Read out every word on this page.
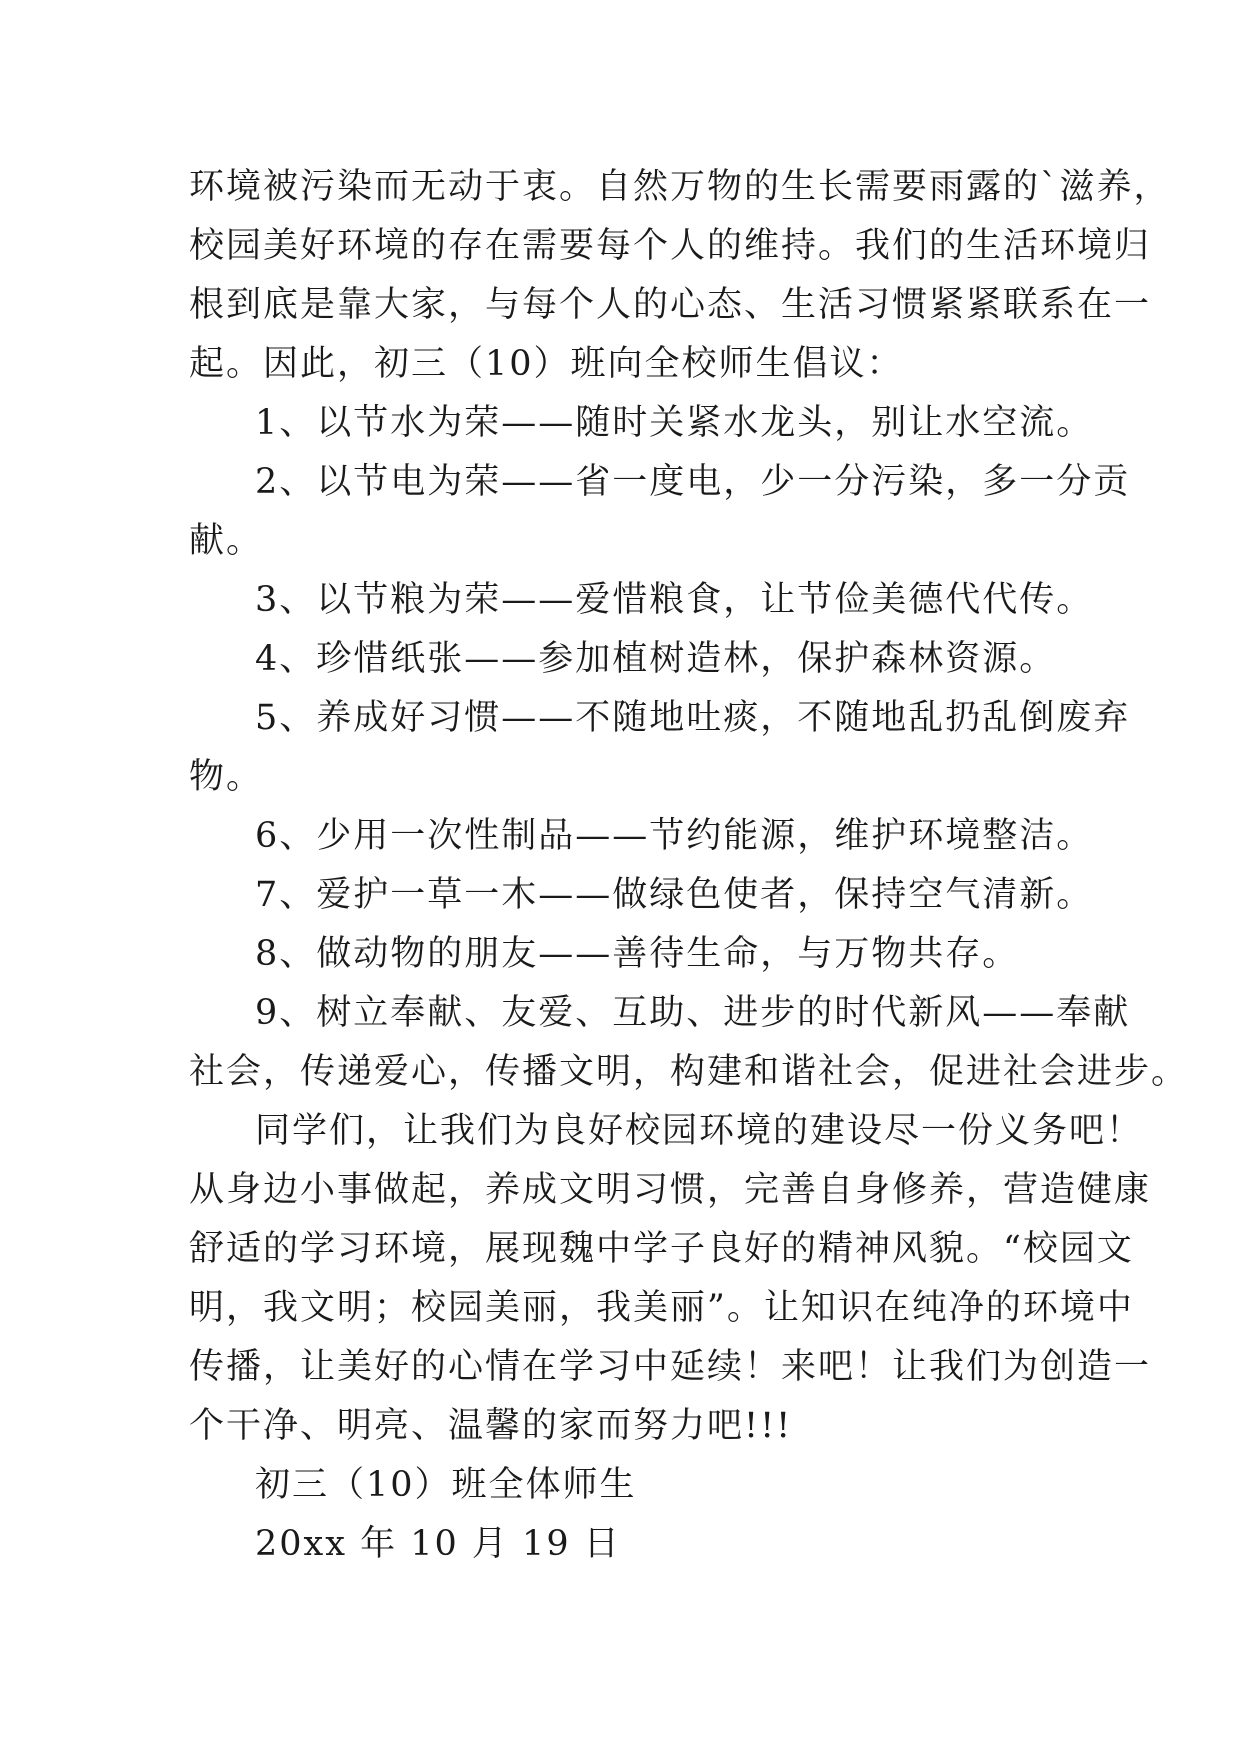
环境被污染而无动于衷。自然万物的生长需要雨露的`滋养，
校园美好环境的存在需要每个人的维持。我们的生活环境归
根到底是靠大家，与每个人的心态、生活习惯紧紧联系在一
起。因此，初三（10）班向全校师生倡议：
1、以节水为荣——随时关紧水龙头，别让水空流。
2、以节电为荣——省一度电，少一分污染，多一分贡
献。
3、以节粮为荣——爱惜粮食，让节俭美德代代传。
4、珍惜纸张——参加植树造林，保护森林资源。
5、养成好习惯——不随地吐痰，不随地乱扔乱倒废弃
物。
6、少用一次性制品——节约能源，维护环境整洁。
7、爱护一草一木——做绿色使者，保持空气清新。
8、做动物的朋友——善待生命，与万物共存。
9、树立奉献、友爱、互助、进步的时代新风——奉献
社会，传递爱心，传播文明，构建和谐社会，促进社会进步。
同学们，让我们为良好校园环境的建设尽一份义务吧！
从身边小事做起，养成文明习惯，完善自身修养，营造健康
舒适的学习环境，展现魏中学子良好的精神风貌。“校园文
明，我文明；校园美丽，我美丽”。让知识在纯净的环境中
传播，让美好的心情在学习中延续！来吧！让我们为创造一
个干净、明亮、温馨的家而努力吧!!!
初三（10）班全体师生
20xx 年 10 月 19 日
